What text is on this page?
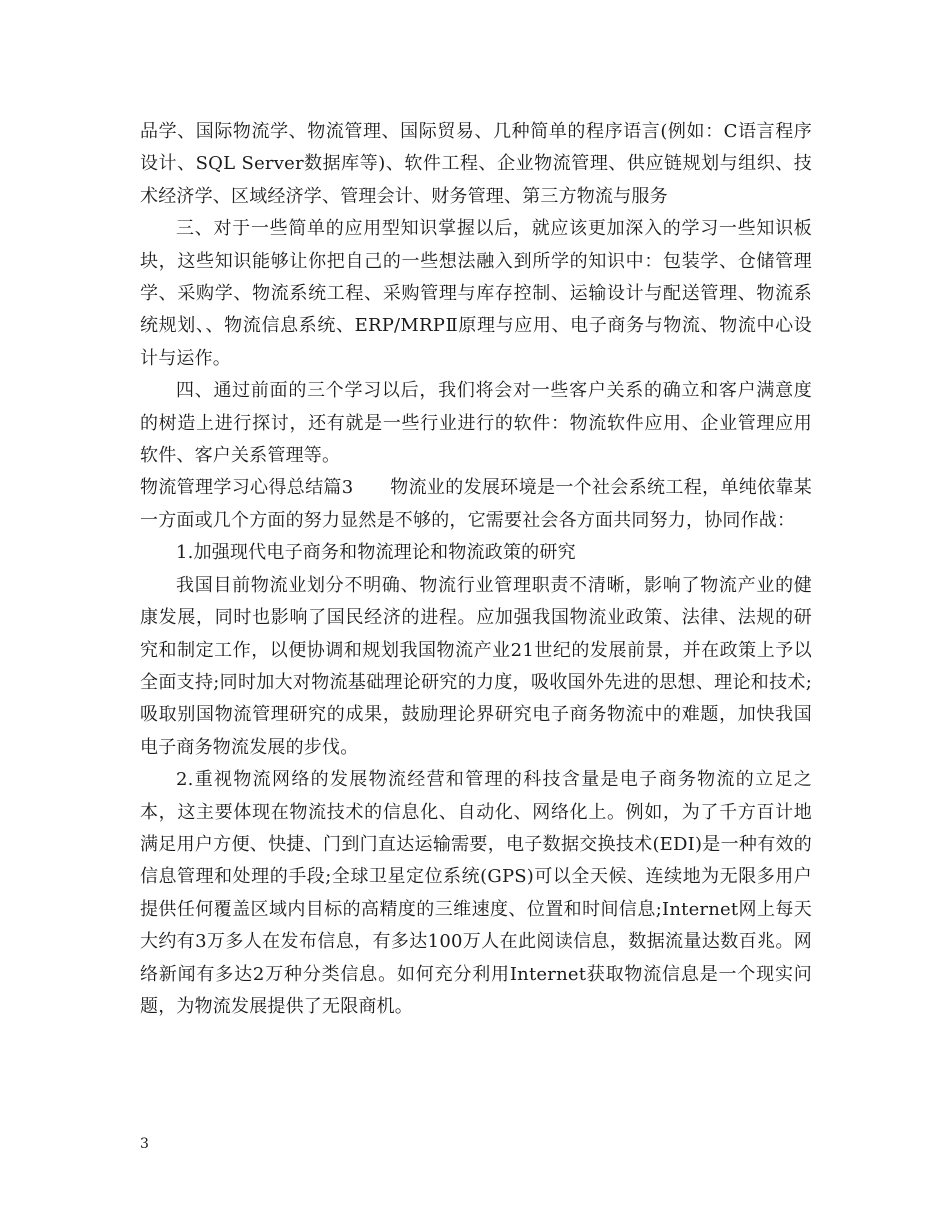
品学、国际物流学、物流管理、国际贸易、几种简单的程序语言(例如：C语言程序设计、SQL Server数据库等)、软件工程、企业物流管理、供应链规划与组织、技术经济学、区域经济学、管理会计、财务管理、第三方物流与服务

三、对于一些简单的应用型知识掌握以后，就应该更加深入的学习一些知识板块，这些知识能够让你把自己的一些想法融入到所学的知识中：包装学、仓储管理学、采购学、物流系统工程、采购管理与库存控制、运输设计与配送管理、物流系统规划、、物流信息系统、ERP/MRPⅡ原理与应用、电子商务与物流、物流中心设计与运作。

四、通过前面的三个学习以后，我们将会对一些客户关系的确立和客户满意度的树造上进行探讨，还有就是一些行业进行的软件：物流软件应用、企业管理应用软件、客户关系管理等。

物流管理学习心得总结篇3　　物流业的发展环境是一个社会系统工程，单纯依靠某一方面或几个方面的努力显然是不够的，它需要社会各方面共同努力，协同作战：

1.加强现代电子商务和物流理论和物流政策的研究

我国目前物流业划分不明确、物流行业管理职责不清晰，影响了物流产业的健康发展，同时也影响了国民经济的进程。应加强我国物流业政策、法律、法规的研究和制定工作，以便协调和规划我国物流产业21世纪的发展前景，并在政策上予以全面支持;同时加大对物流基础理论研究的力度，吸收国外先进的思想、理论和技术;吸取别国物流管理研究的成果，鼓励理论界研究电子商务物流中的难题，加快我国电子商务物流发展的步伐。

2.重视物流网络的发展物流经营和管理的科技含量是电子商务物流的立足之本，这主要体现在物流技术的信息化、自动化、网络化上。例如，为了千方百计地满足用户方便、快捷、门到门直达运输需要，电子数据交换技术(EDI)是一种有效的信息管理和处理的手段;全球卫星定位系统(GPS)可以全天候、连续地为无限多用户提供任何覆盖区域内目标的高精度的三维速度、位置和时间信息;Internet网上每天大约有3万多人在发布信息，有多达100万人在此阅读信息，数据流量达数百兆。网络新闻有多达2万种分类信息。如何充分利用Internet获取物流信息是一个现实问题，为物流发展提供了无限商机。

3
